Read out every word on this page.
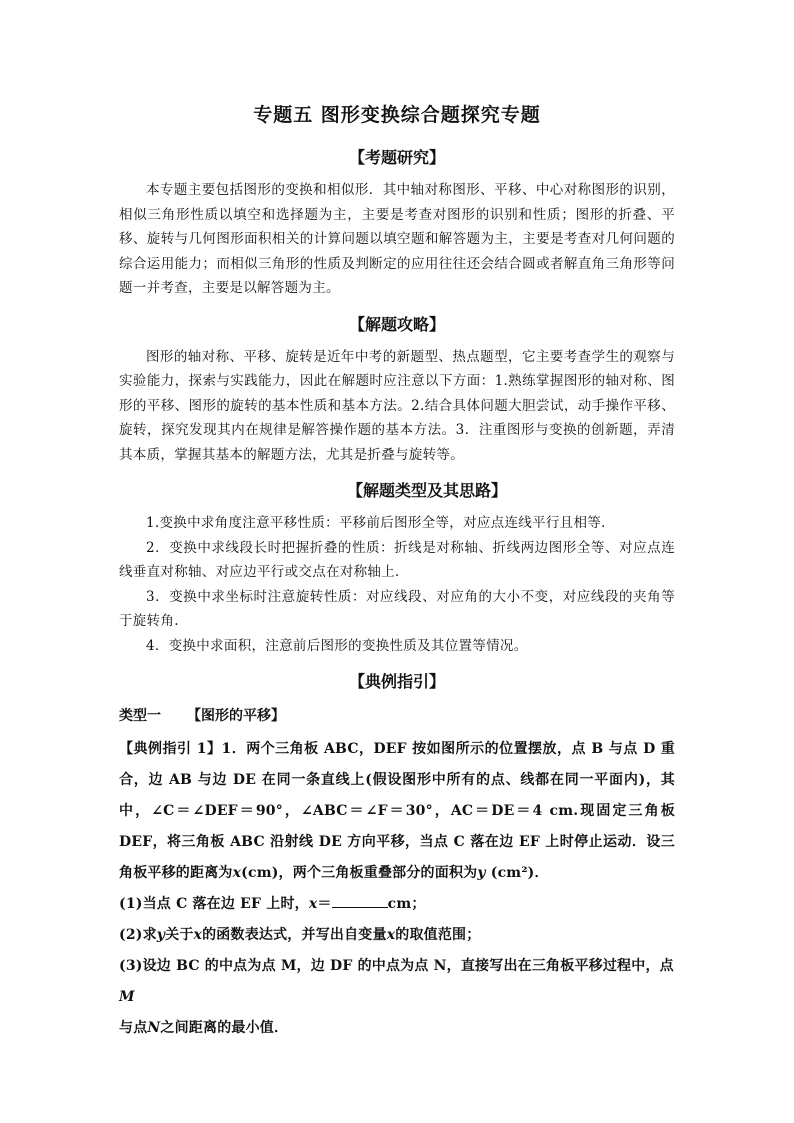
专题五 图形变换综合题探究专题
【考题研究】

本专题主要包括图形的变换和相似形．其中轴对称图形、平移、中心对称图形的识别，相似三角形性质以填空和选择题为主，主要是考查对图形的识别和性质；图形的折叠、平移、旋转与几何图形面积相关的计算问题以填空题和解答题为主，主要是考查对几何问题的综合运用能力；而相似三角形的性质及判断定的应用往往还会结合圆或者解直角三角形等问题一并考查，主要是以解答题为主。

【解题攻略】

图形的轴对称、平移、旋转是近年中考的新题型、热点题型，它主要考查学生的观察与实验能力，探索与实践能力，因此在解题时应注意以下方面：1.熟练掌握图形的轴对称、图形的平移、图形的旋转的基本性质和基本方法。2.结合具体问题大胆尝试，动手操作平移、旋转，探究发现其内在规律是解答操作题的基本方法。3．注重图形与变换的创新题，弄清其本质，掌握其基本的解题方法，尤其是折叠与旋转等。

【解题类型及其思路】
1.变换中求角度注意平移性质：平移前后图形全等，对应点连线平行且相等．
2．变换中求线段长时把握折叠的性质：折线是对称轴、折线两边图形全等、对应点连线垂直对称轴、对应边平行或交点在对称轴上．
3．变换中求坐标时注意旋转性质：对应线段、对应角的大小不变，对应线段的夹角等于旋转角.
4．变换中求面积，注意前后图形的变换性质及其位置等情况。
【典例指引】
类型一 【图形的平移】

【典例指引 1】1．两个三角板 ABC，DEF 按如图所示的位置摆放，点 B 与点 D 重合，边 AB 与边 DE 在同一条直线上(假设图形中所有的点、线都在同一平面内)，其中，∠C＝∠DEF＝90°，∠ABC＝∠F＝30°，AC＝DE＝4 cm.现固定三角板 DEF，将三角板 ABC 沿射线 DE 方向平移，当点 C 落在边 EF 上时停止运动．设三角板平移的距离为x(cm)，两个三角板重叠部分的面积为y (cm²)．

(1)当点 C 落在边 EF 上时，x＝	cm；

(2)求y关于x的函数表达式，并写出自变量x的取值范围；

(3)设边 BC 的中点为点 M，边 DF 的中点为点 N，直接写出在三角板平移过程中，点M
与点N之间距离的最小值．
